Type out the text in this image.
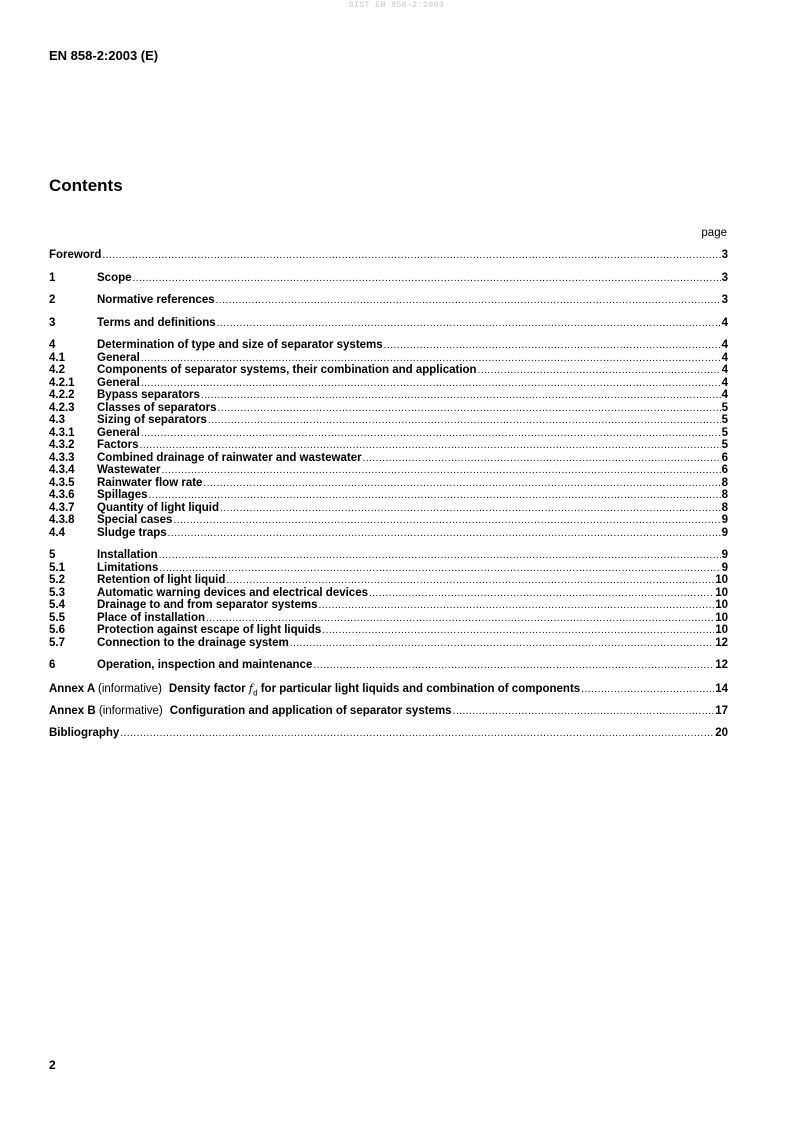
SIST EN 858-2:2003
EN 858-2:2003 (E)
Contents
page
Foreword .....	3
1	Scope .....	3
2	Normative references .....	3
3	Terms and definitions .....	4
4	Determination of type and size of separator systems .....	4
4.1	General .....	4
4.2	Components of separator systems, their combination and application .....	4
4.2.1	General .....	4
4.2.2	Bypass separators .....	4
4.2.3	Classes of separators .....	5
4.3	Sizing of separators .....	5
4.3.1	General .....	5
4.3.2	Factors .....	5
4.3.3	Combined drainage of rainwater and wastewater .....	6
4.3.4	Wastewater .....	6
4.3.5	Rainwater flow rate .....	8
4.3.6	Spillages .....	8
4.3.7	Quantity of light liquid .....	8
4.3.8	Special cases .....	9
4.4	Sludge traps .....	9
5	Installation .....	9
5.1	Limitations .....	9
5.2	Retention of light liquid .....	10
5.3	Automatic warning devices and electrical devices .....	10
5.4	Drainage to and from separator systems .....	10
5.5	Place of installation .....	10
5.6	Protection against escape of light liquids .....	10
5.7	Connection to the drainage system .....	12
6	Operation, inspection and maintenance .....	12
Annex A (informative) Density factor $f_d$ for particular light liquids and combination of components .....	14
Annex B (informative) Configuration and application of separator systems .....	17
Bibliography .....	20
2
